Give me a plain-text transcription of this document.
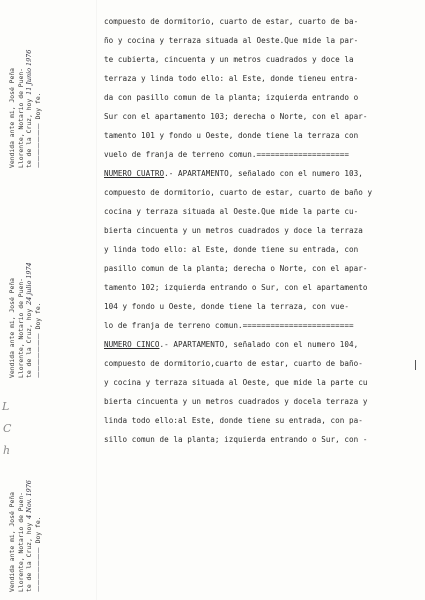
compuesto de dormitorio, cuarto de estar, cuarto de ba-
ño y cocina y terraza situada al Oeste.Que mide la par-
te cubierta, cincuenta y un metros cuadrados y doce la
terraza y linda todo ello: al Este, donde tieneu entra-
da con pasillo comun de la planta; izquierda entrando o
Sur con el apartamento 103; derecha o Norte, con el apar-
tamento 101 y fondo u Oeste, donde tiene la terraza con
vuelo de franja de terreno comun.====================
NUMERO CUATRO.- APARTAMENTO, señalado con el numero 103,
compuesto de dormitorio, cuarto de estar, cuarto de baño y
cocina y terraza situada al Oeste.Que mide la parte cu-
bierta cincuenta y un metros cuadrados y doce la terraza
y linda todo ello: al Este, donde tiene su entrada, con
pasillo comun de la planta; derecha o Norte, con el apar-
tamento 102; izquierda entrando o Sur, con el apartamento
104 y fondo u Oeste, donde tiene la terraza, con vue-
lo de franja de terreno comun.========================
NUMERO CINCO.- APARTAMENTO, señalado con el numero 104,
compuesto de dormitorio,cuarto de estar, cuarto de baño-
y cocina y terraza situada al Oeste, que mide la parte cu
bierta cincuenta y un metros cuadrados y docela terraza y
linda todo ello:al Este, donde tiene su entrada, con pa-
sillo comun de la planta; izquierda entrando o Sur, con -
Vendida ante mi, José Peña Llorente, Notario de Puen- te de la Cruz, hoy 11 Junio 1976
——————— Doy fe.
Vendida ante mi, José Peña Llorente, Notario de Puen- te de la Cruz, hoy 24 julio 1974
——————— Doy fe.
Vendida ante mi, José Peña Llorente, Notario de Puen- te de la Cruz, hoy 4 Nov. 1976
——————— Doy fe.
L
C
h
